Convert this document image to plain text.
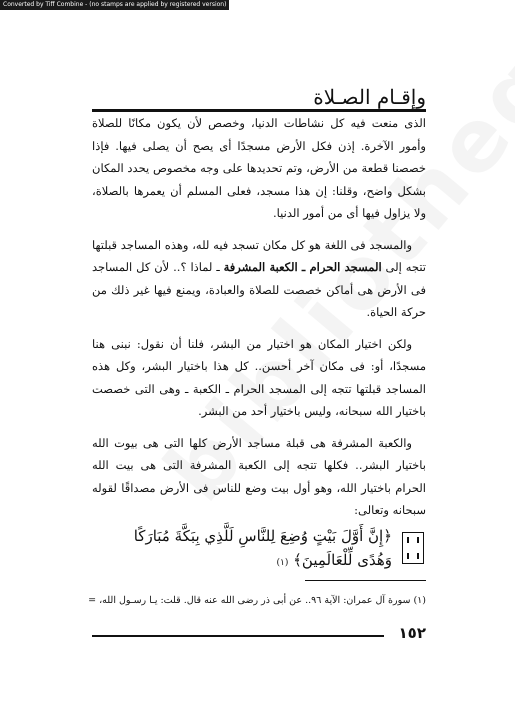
Converted by Tiff Combine - (no stamps are applied by registered version)
وإقـام الصـلاة

الذى منعت فيه كل نشاطات الدنيا، وخصص لأن يكون مكانًا للصلاة وأمور الآخرة. إذن فكل الأرض مسجدًا أى يصح أن يصلى فيها. فإذا خصصنا قطعة من الأرض، وتم تحديدها على وجه مخصوص يحدد المكان بشكل واضح، وقلنا: إن هذا مسجد، فعلى المسلم أن يعمرها بالصلاة، ولا يزاول فيها أى من أمور الدنيا.

والمسجد فى اللغة هو كل مكان تسجد فيه لله، وهذه المساجد قبلتها تتجه إلى المسجد الحرام ـ الكعبة المشرفة ـ لماذا ؟.. لأن كل المساجد فى الأرض هى أماكن خصصت للصلاة والعبادة، ويمنع فيها غير ذلك من حركة الحياة.

ولكن اختيار المكان هو اختيار من البشر، فلنا أن نقول: نبنى هنا مسجدًا، أو: فى مكان آخر أحسن.. كل هذا باختيار البشر، وكل هذه المساجد قبلتها تتجه إلى المسجد الحرام ـ الكعبة ـ وهى التى خصصت باختيار الله سبحانه، وليس باختيار أحد من البشر.

والكعبة المشرفة هى قبلة مساجد الأرض كلها التى هى بيوت الله باختيار البشر.. فكلها تتجه إلى الكعبة المشرفة التى هى بيت الله الحرام باختيار الله، وهو أول بيت وضع للناس فى الأرض مصداقًا لقوله سبحانه وتعالى:

﴿إِنَّ أَوَّلَ بَيْتٍ وُضِعَ لِلنَّاسِ لَلَّذِي بِبَكَّةَ مُبَارَكًا
وَهُدًى لِّلْعَالَمِينَ﴾ (١)
(١) سورة آل عمران: الآية ٩٦.. عن أبى ذر رضى الله عنه قال. قلت: يـا رسـول الله، =
١٥٢
